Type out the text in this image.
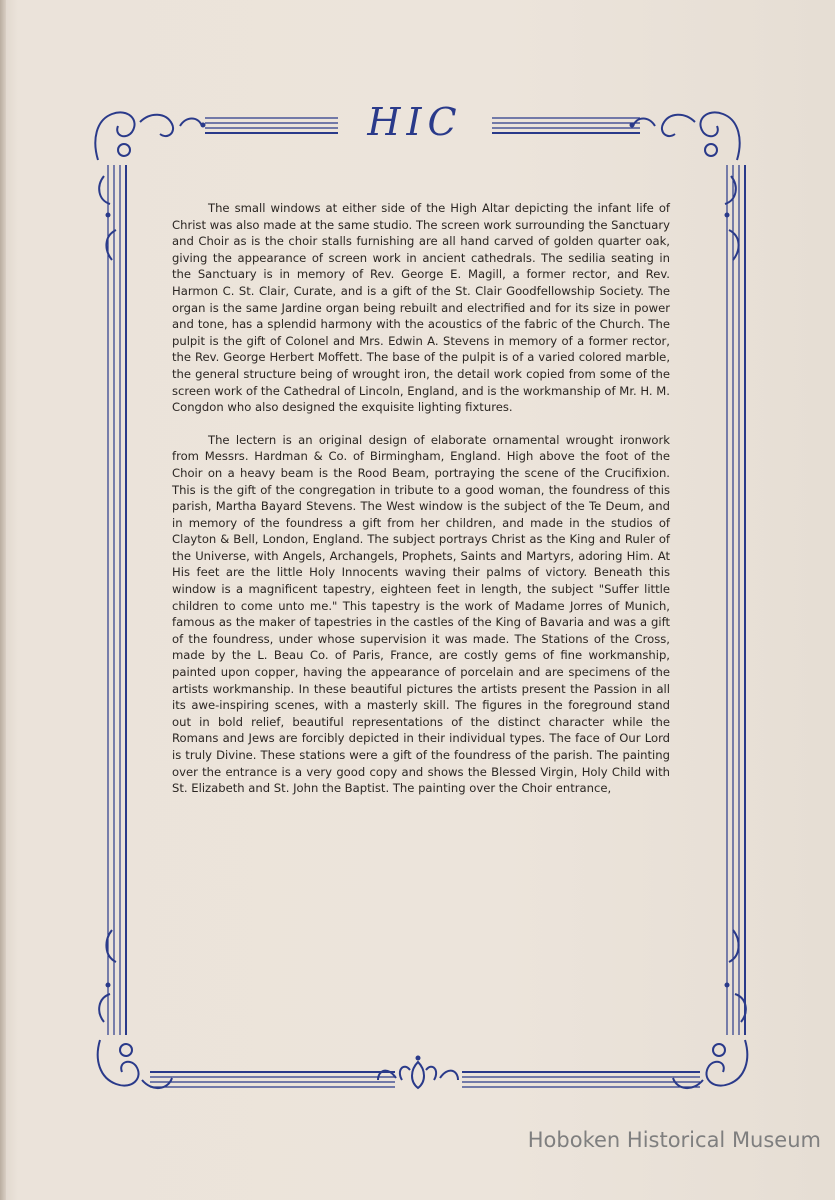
HIC

The small windows at either side of the High Altar depicting the infant life of Christ was also made at the same studio. The screen work surrounding the Sanctuary and Choir as is the choir stalls furnishing are all hand carved of golden quarter oak, giving the appearance of screen work in ancient cathedrals. The sedilia seating in the Sanctuary is in memory of Rev. George E. Magill, a former rector, and Rev. Harmon C. St. Clair, Curate, and is a gift of the St. Clair Goodfellowship Society. The organ is the same Jardine organ being rebuilt and electrified and for its size in power and tone, has a splendid harmony with the acoustics of the fabric of the Church. The pulpit is the gift of Colonel and Mrs. Edwin A. Stevens in memory of a former rector, the Rev. George Herbert Moffett. The base of the pulpit is of a varied colored marble, the general structure being of wrought iron, the detail work copied from some of the screen work of the Cathedral of Lincoln, England, and is the workmanship of Mr. H. M. Congdon who also designed the exquisite lighting fixtures.

The lectern is an original design of elaborate ornamental wrought ironwork from Messrs. Hardman & Co. of Birmingham, England. High above the foot of the Choir on a heavy beam is the Rood Beam, portraying the scene of the Crucifixion. This is the gift of the congregation in tribute to a good woman, the foundress of this parish, Martha Bayard Stevens. The West window is the subject of the Te Deum, and in memory of the foundress a gift from her children, and made in the studios of Clayton & Bell, London, England. The subject portrays Christ as the King and Ruler of the Universe, with Angels, Archangels, Prophets, Saints and Martyrs, adoring Him. At His feet are the little Holy Innocents waving their palms of victory. Beneath this window is a magnificent tapestry, eighteen feet in length, the subject "Suffer little children to come unto me." This tapestry is the work of Madame Jorres of Munich, famous as the maker of tapestries in the castles of the King of Bavaria and was a gift of the foundress, under whose supervision it was made. The Stations of the Cross, made by the L. Beau Co. of Paris, France, are costly gems of fine workmanship, painted upon copper, having the appearance of porcelain and are specimens of the artists workmanship. In these beautiful pictures the artists present the Passion in all its awe-inspiring scenes, with a masterly skill. The figures in the foreground stand out in bold relief, beautiful representations of the distinct character while the Romans and Jews are forcibly depicted in their individual types. The face of Our Lord is truly Divine. These stations were a gift of the foundress of the parish. The painting over the entrance is a very good copy and shows the Blessed Virgin, Holy Child with St. Elizabeth and St. John the Baptist. The painting over the Choir entrance,

Hoboken Historical Museum
